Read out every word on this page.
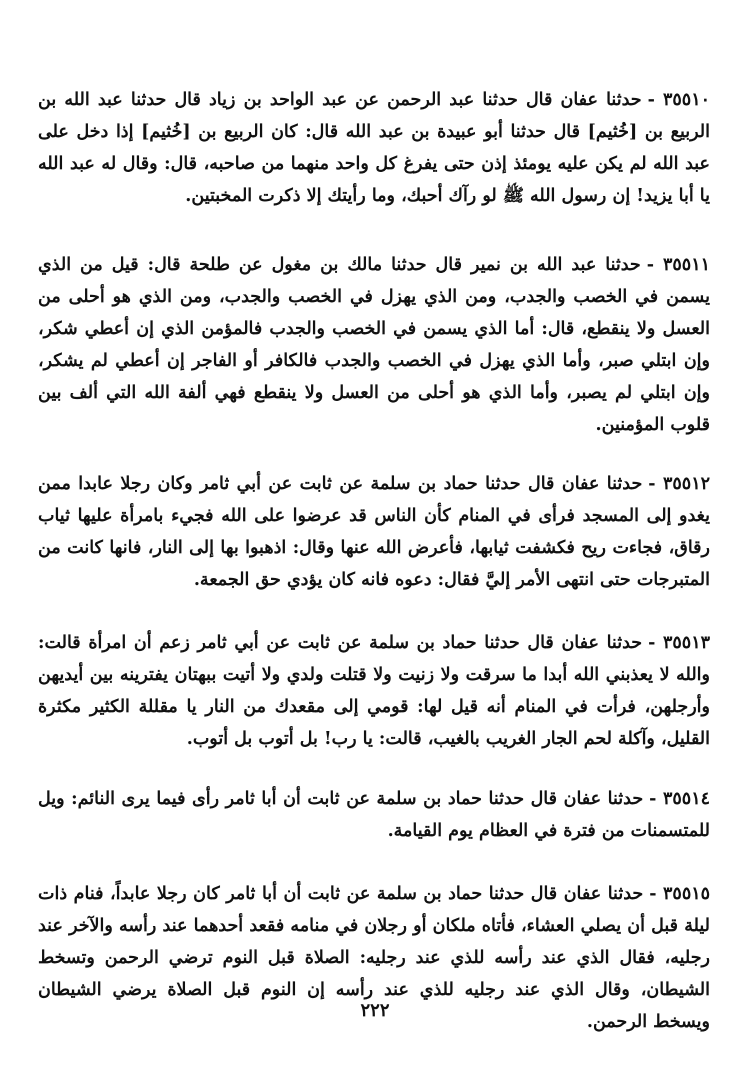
٣٥٥١٠ -حدثنا عفان قال حدثنا عبد الرحمن عن عبد الواحد بن زياد قال حدثنا عبد الله بن الربيع بن [خُثيم] قال حدثنا أبو عبيدة بن عبد الله قال: كان الربيع بن [خُثيم] إذا دخل على عبد الله لم يكن عليه يومئذ إذن حتى يفرغ كل واحد منهما من صاحبه، قال: وقال له عبد الله يا أبا يزيد! إن رسول الله ﷺ لو رآك أحبك، وما رأيتك إلا ذكرت المخبتين.

٣٥٥١١ -حدثنا عبد الله بن نمير قال حدثنا مالك بن مغول عن طلحة قال: قيل من الذي يسمن في الخصب والجدب، ومن الذي يهزل في الخصب والجدب، ومن الذي هو أحلى من العسل ولا ينقطع، قال: أما الذي يسمن في الخصب والجدب فالمؤمن الذي إن أعطي شكر، وإن ابتلي صبر، وأما الذي يهزل في الخصب والجدب فالكافر أو الفاجر إن أعطي لم يشكر، وإن ابتلي لم يصبر، وأما الذي هو أحلى من العسل ولا ينقطع فهي ألفة الله التي ألف بين قلوب المؤمنين.

٣٥٥١٢ -حدثنا عفان قال حدثنا حماد بن سلمة عن ثابت عن أبي ثامر وكان رجلا عابدا ممن يغدو إلى المسجد فرأى في المنام كأن الناس قد عرضوا على الله فجيء بامرأة عليها ثياب رقاق، فجاءت ريح فكشفت ثيابها، فأعرض الله عنها وقال: اذهبوا بها إلى النار، فانها كانت من المتبرجات حتى انتهى الأمر إليَّ فقال: دعوه فانه كان يؤدي حق الجمعة.

٣٥٥١٣ -حدثنا عفان قال حدثنا حماد بن سلمة عن ثابت عن أبي ثامر زعم أن امرأة قالت: والله لا يعذبني الله أبدا ما سرقت ولا زنيت ولا قتلت ولدي ولا أتيت ببهتان يفترينه بين أيديهن وأرجلهن، فرأت في المنام أنه قيل لها: قومي إلى مقعدك من النار يا مقللة الكثير مكثرة القليل، وآكلة لحم الجار الغريب بالغيب، قالت: يا رب! بل أتوب بل أتوب.

٣٥٥١٤ -حدثنا عفان قال حدثنا حماد بن سلمة عن ثابت أن أبا ثامر رأى فيما يرى النائم: ويل للمتسمنات من فترة في العظام يوم القيامة.

٣٥٥١٥ -حدثنا عفان قال حدثنا حماد بن سلمة عن ثابت أن أبا ثامر كان رجلا عابداً، فنام ذات ليلة قبل أن يصلي العشاء، فأتاه ملكان أو رجلان في منامه فقعد أحدهما عند رأسه والآخر عند رجليه، فقال الذي عند رأسه للذي عند رجليه: الصلاة قبل النوم ترضي الرحمن وتسخط الشيطان، وقال الذي عند رجليه للذي عند رأسه إن النوم قبل الصلاة يرضي الشيطان ويسخط الرحمن.

٢٢٢
